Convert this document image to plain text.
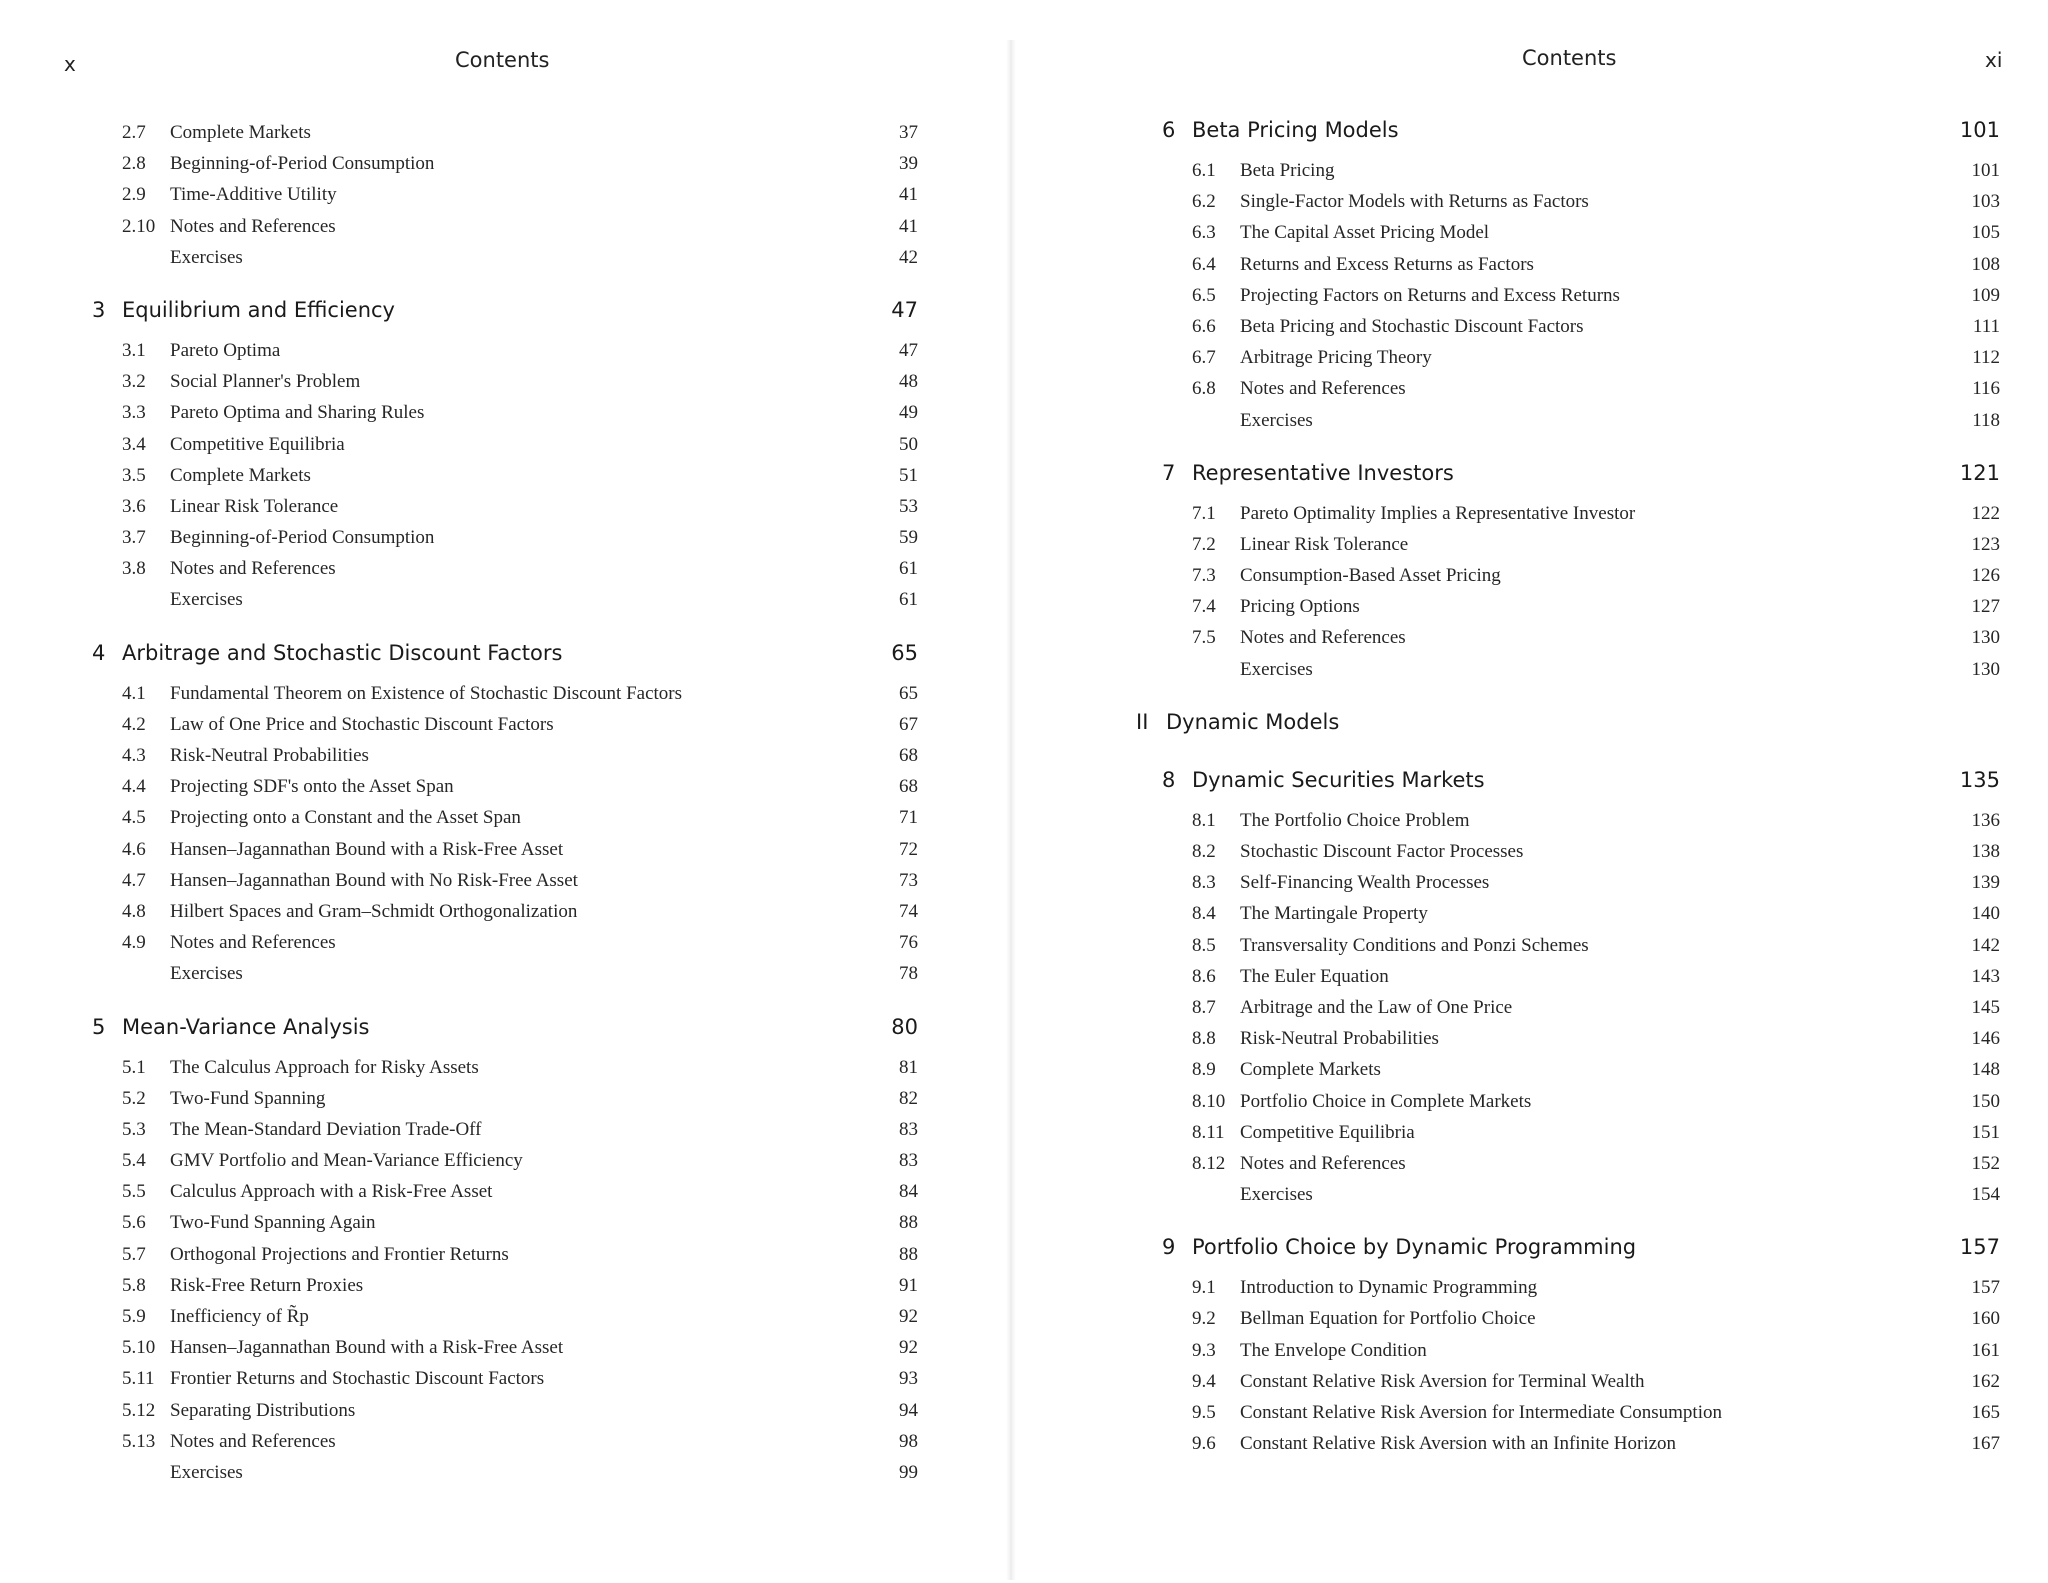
x	Contents
2.7	Complete Markets	37
2.8	Beginning-of-Period Consumption	39
2.9	Time-Additive Utility	41
2.10 Notes and References	41
Exercises	42
3 Equilibrium and Efficiency	47
3.1	Pareto Optima	47
3.2	Social Planner's Problem	48
3.3	Pareto Optima and Sharing Rules	49
3.4	Competitive Equilibria	50
3.5	Complete Markets	51
3.6	Linear Risk Tolerance	53
3.7	Beginning-of-Period Consumption	59
3.8	Notes and References	61
Exercises	61
4 Arbitrage and Stochastic Discount Factors	65
4.1	Fundamental Theorem on Existence of Stochastic Discount Factors	65
4.2	Law of One Price and Stochastic Discount Factors	67
4.3	Risk-Neutral Probabilities	68
4.4	Projecting SDF's onto the Asset Span	68
4.5	Projecting onto a Constant and the Asset Span	71
4.6	Hansen–Jagannathan Bound with a Risk-Free Asset	72
4.7	Hansen–Jagannathan Bound with No Risk-Free Asset	73
4.8	Hilbert Spaces and Gram–Schmidt Orthogonalization	74
4.9	Notes and References	76
Exercises	78
5 Mean-Variance Analysis	80
5.1	The Calculus Approach for Risky Assets	81
5.2	Two-Fund Spanning	82
5.3	The Mean-Standard Deviation Trade-Off	83
5.4	GMV Portfolio and Mean-Variance Efficiency	83
5.5	Calculus Approach with a Risk-Free Asset	84
5.6	Two-Fund Spanning Again	88
5.7	Orthogonal Projections and Frontier Returns	88
5.8	Risk-Free Return Proxies	91
5.9	Inefficiency of R̃p	92
5.10 Hansen–Jagannathan Bound with a Risk-Free Asset	92
5.11 Frontier Returns and Stochastic Discount Factors	93
5.12 Separating Distributions	94
5.13 Notes and References	98
Exercises	99
Contents	xi
6 Beta Pricing Models	101
6.1	Beta Pricing	101
6.2	Single-Factor Models with Returns as Factors	103
6.3	The Capital Asset Pricing Model	105
6.4	Returns and Excess Returns as Factors	108
6.5	Projecting Factors on Returns and Excess Returns	109
6.6	Beta Pricing and Stochastic Discount Factors	111
6.7	Arbitrage Pricing Theory	112
6.8	Notes and References	116
Exercises	118
7 Representative Investors	121
7.1	Pareto Optimality Implies a Representative Investor	122
7.2	Linear Risk Tolerance	123
7.3	Consumption-Based Asset Pricing	126
7.4	Pricing Options	127
7.5	Notes and References	130
Exercises	130
II Dynamic Models
8 Dynamic Securities Markets	135
8.1	The Portfolio Choice Problem	136
8.2	Stochastic Discount Factor Processes	138
8.3	Self-Financing Wealth Processes	139
8.4	The Martingale Property	140
8.5	Transversality Conditions and Ponzi Schemes	142
8.6	The Euler Equation	143
8.7	Arbitrage and the Law of One Price	145
8.8	Risk-Neutral Probabilities	146
8.9	Complete Markets	148
8.10 Portfolio Choice in Complete Markets	150
8.11 Competitive Equilibria	151
8.12 Notes and References	152
Exercises	154
9 Portfolio Choice by Dynamic Programming	157
9.1	Introduction to Dynamic Programming	157
9.2	Bellman Equation for Portfolio Choice	160
9.3	The Envelope Condition	161
9.4	Constant Relative Risk Aversion for Terminal Wealth	162
9.5	Constant Relative Risk Aversion for Intermediate Consumption	165
9.6	Constant Relative Risk Aversion with an Infinite Horizon	167
